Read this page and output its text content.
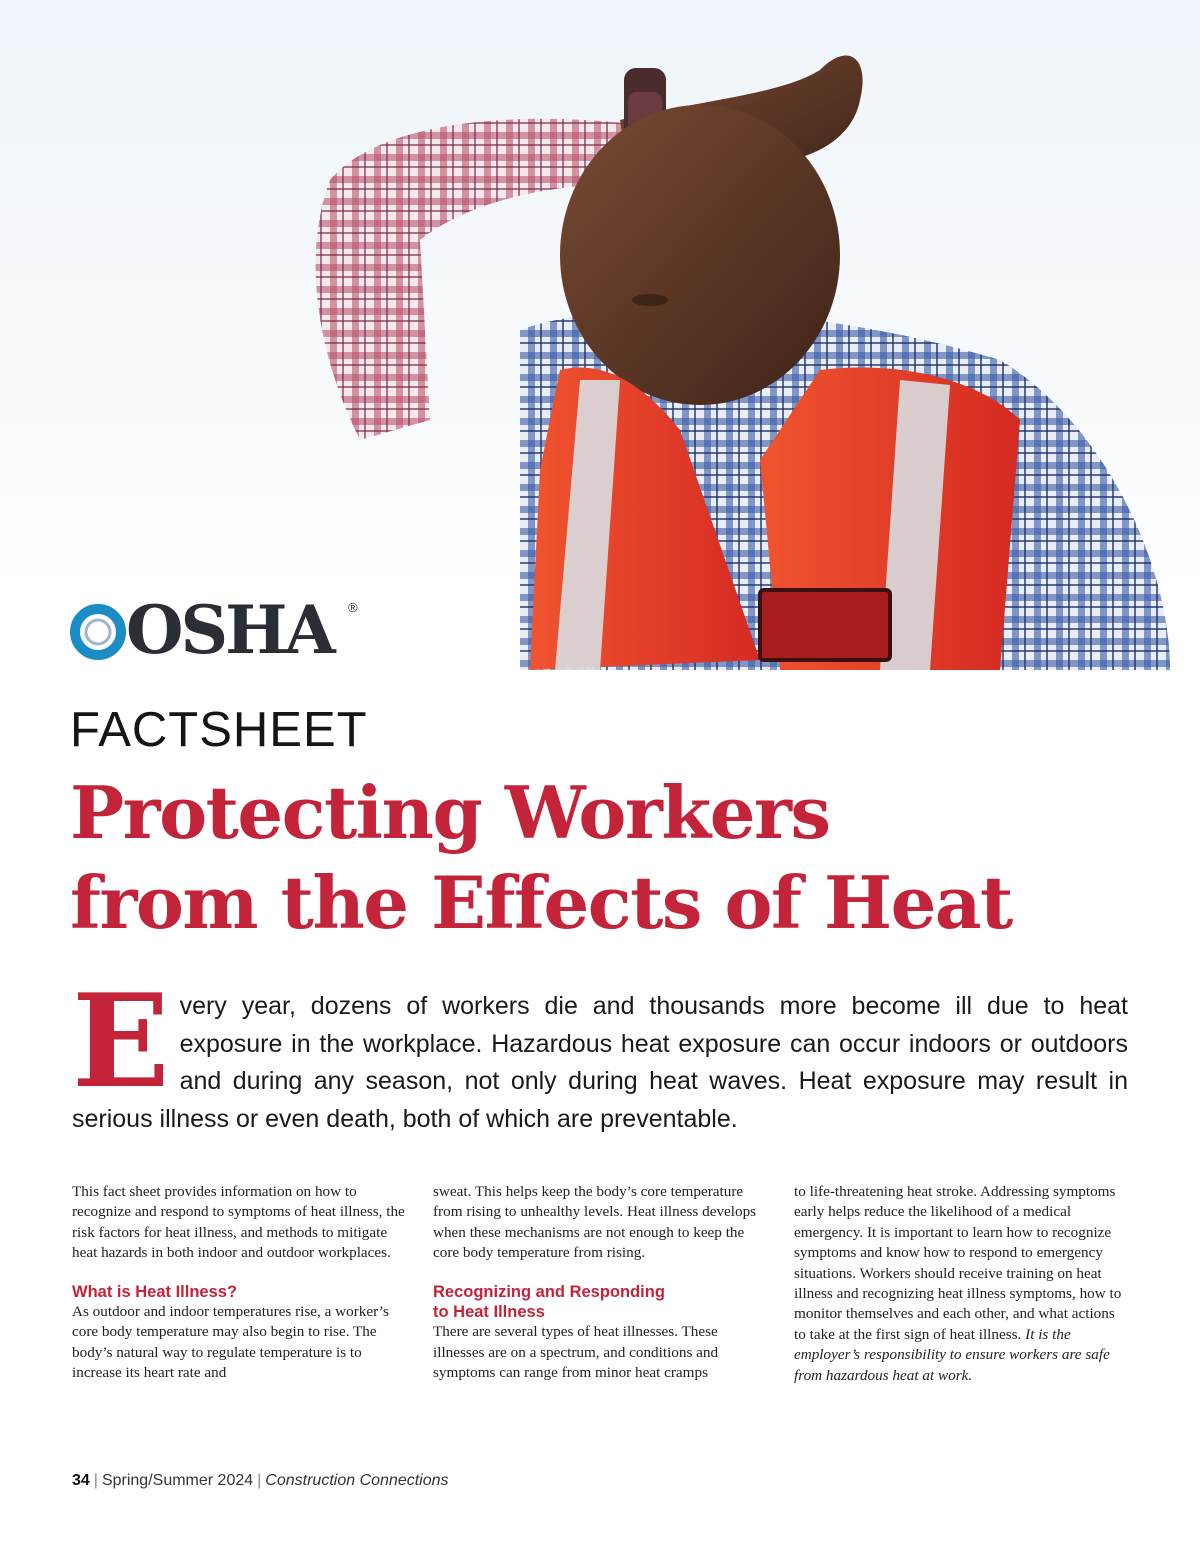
OSHA ®
FACTSHEET
Protecting Workers
from the Effects of Heat
E very year, dozens of workers die and thousands more become ill due to heat exposure in the workplace. Hazardous heat exposure can occur indoors or outdoors and during any season, not only during heat waves. Heat exposure may result in serious illness or even death, both of which are preventable.

This fact sheet provides information on how to recognize and respond to symptoms of heat illness, the risk factors for heat illness, and methods to mitigate heat hazards in both indoor and outdoor workplaces.

What is Heat Illness?

As outdoor and indoor temperatures rise, a worker’s core body temperature may also begin to rise. The body’s natural way to regulate temperature is to increase its heart rate and

sweat. This helps keep the body’s core temperature from rising to unhealthy levels. Heat illness develops when these mechanisms are not enough to keep the core body temperature from rising.

Recognizing and Responding
to Heat Illness

There are several types of heat illnesses. These illnesses are on a spectrum, and conditions and symptoms can range from minor heat cramps

to life-threatening heat stroke. Addressing symptoms early helps reduce the likelihood of a medical emergency. It is important to learn how to recognize symptoms and know how to respond to emergency situations. Workers should receive training on heat illness and recognizing heat illness symptoms, how to monitor themselves and each other, and what actions to take at the first sign of heat illness. It is the employer’s responsibility to ensure workers are safe from hazardous heat at work.

34 | Spring/Summer 2024 | Construction Connections
